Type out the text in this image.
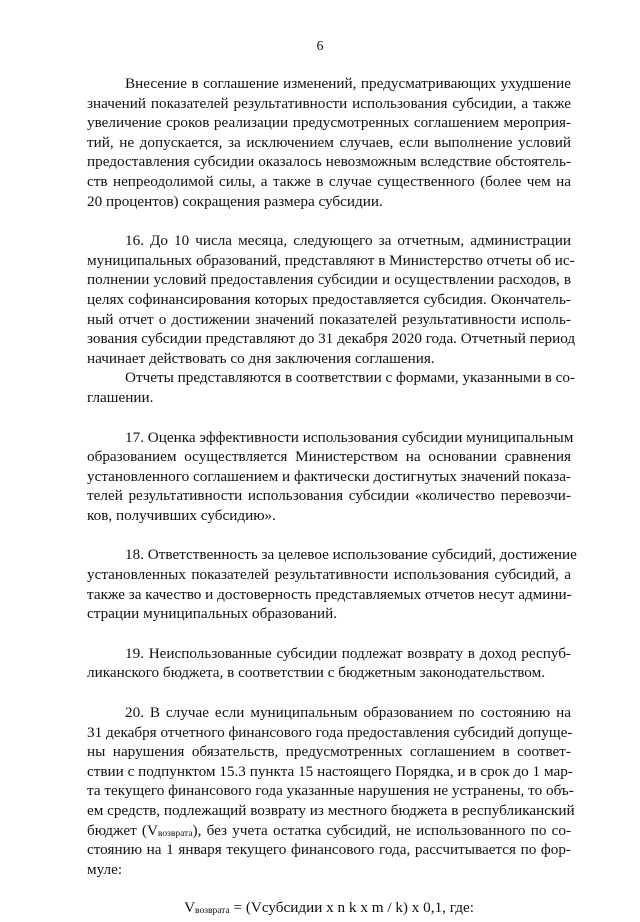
6
Внесение в соглашение изменений, предусматривающих ухудшение
значений показателей результативности использования субсидии, а также
увеличение сроков реализации предусмотренных соглашением мероприя-
тий, не допускается, за исключением случаев, если выполнение условий
предоставления субсидии оказалось невозможным вследствие обстоятель-
ств непреодолимой силы, а также в случае существенного (более чем на
20 процентов) сокращения размера субсидии.
16. До 10 числа месяца, следующего за отчетным, администрации
муниципальных образований, представляют в Министерство отчеты об ис-
полнении условий предоставления субсидии и осуществлении расходов, в
целях софинансирования которых предоставляется субсидия. Окончатель-
ный отчет о достижении значений показателей результативности исполь-
зования субсидии представляют до 31 декабря 2020 года. Отчетный период
начинает действовать со дня заключения соглашения.
Отчеты представляются в соответствии с формами, указанными в со-
глашении.
17. Оценка эффективности использования субсидии муниципальным
образованием осуществляется Министерством на основании сравнения
установленного соглашением и фактически достигнутых значений показа-
телей результативности использования субсидии «количество перевозчи-
ков, получивших субсидию».
18. Ответственность за целевое использование субсидий, достижение
установленных показателей результативности использования субсидий, а
также за качество и достоверность представляемых отчетов несут админи-
страции муниципальных образований.
19. Неиспользованные субсидии подлежат возврату в доход респуб-
ликанского бюджета, в соответствии с бюджетным законодательством.
20. В случае если муниципальным образованием по состоянию на
31 декабря отчетного финансового года предоставления субсидий допуще-
ны нарушения обязательств, предусмотренных соглашением в соответ-
ствии с подпунктом 15.3 пункта 15 настоящего Порядка, и в срок до 1 мар-
та текущего финансового года указанные нарушения не устранены, то объ-
ем средств, подлежащий возврату из местного бюджета в республиканский
бюджет $(V_{возврата})$, без учета остатка субсидий, не использованного по со-
стоянию на 1 января текущего финансового года, рассчитывается по фор-
муле:
$V_{возврата}$ = (Vсубсидии x n k x m / k) x 0,1, где:
